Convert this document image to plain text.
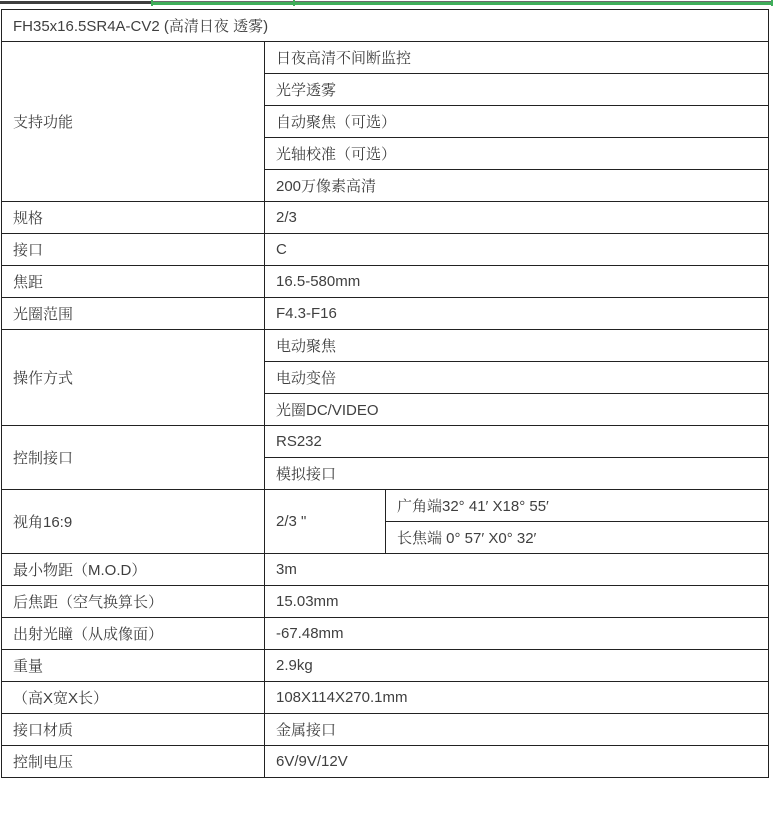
FH35x16.5SR4A-CV2 (高清日夜 透雾)		
支持功能	日夜高清不间断监控	
	光学透雾	
	自动聚焦（可选）	
	光轴校准（可选）	
	200万像素高清	
规格	2/3	
接口	C	
焦距	16.5-580mm	
光圈范围	F4.3-F16	
操作方式	电动聚焦	
	电动变倍	
	光圈DC/VIDEO	
控制接口	RS232	
	模拟接口	
视角16:9	2/3 "	广角端32° 41′ X18° 55′
		长焦端 0° 57′ X0° 32′
最小物距（M.O.D）	3m	
后焦距（空气换算长）	15.03mm	
出射光瞳（从成像面）	-67.48mm	
重量	2.9kg	
（高X宽X长）	108X114X270.1mm	
接口材质	金属接口	
控制电压	6V/9V/12V	
